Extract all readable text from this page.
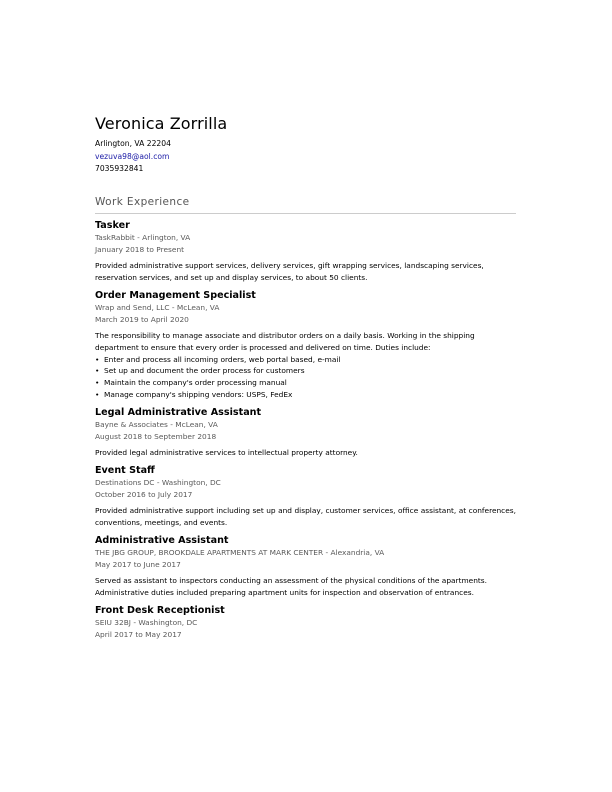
Veronica Zorrilla
Arlington, VA 22204
vezuva98@aol.com
7035932841
Work Experience
Tasker
TaskRabbit - Arlington, VA
January 2018 to Present
Provided administrative support services, delivery services, gift wrapping services, landscaping services, reservation services, and set up and display services, to about 50 clients.
Order Management Specialist
Wrap and Send, LLC - McLean, VA
March 2019 to April 2020
The responsibility to manage associate and distributor orders on a daily basis. Working in the shipping department to ensure that every order is processed and delivered on time. Duties include:
• Enter and process all incoming orders, web portal based, e-mail
• Set up and document the order process for customers
• Maintain the company's order processing manual
• Manage company's shipping vendors: USPS, FedEx
Legal Administrative Assistant
Bayne & Associates - McLean, VA
August 2018 to September 2018
Provided legal administrative services to intellectual property attorney.
Event Staff
Destinations DC - Washington, DC
October 2016 to July 2017
Provided administrative support including set up and display, customer services, office assistant, at conferences, conventions, meetings, and events.
Administrative Assistant
THE JBG GROUP, BROOKDALE APARTMENTS AT MARK CENTER - Alexandria, VA
May 2017 to June 2017
Served as assistant to inspectors conducting an assessment of the physical conditions of the apartments. Administrative duties included preparing apartment units for inspection and observation of entrances.
Front Desk Receptionist
SEIU 32BJ - Washington, DC
April 2017 to May 2017
